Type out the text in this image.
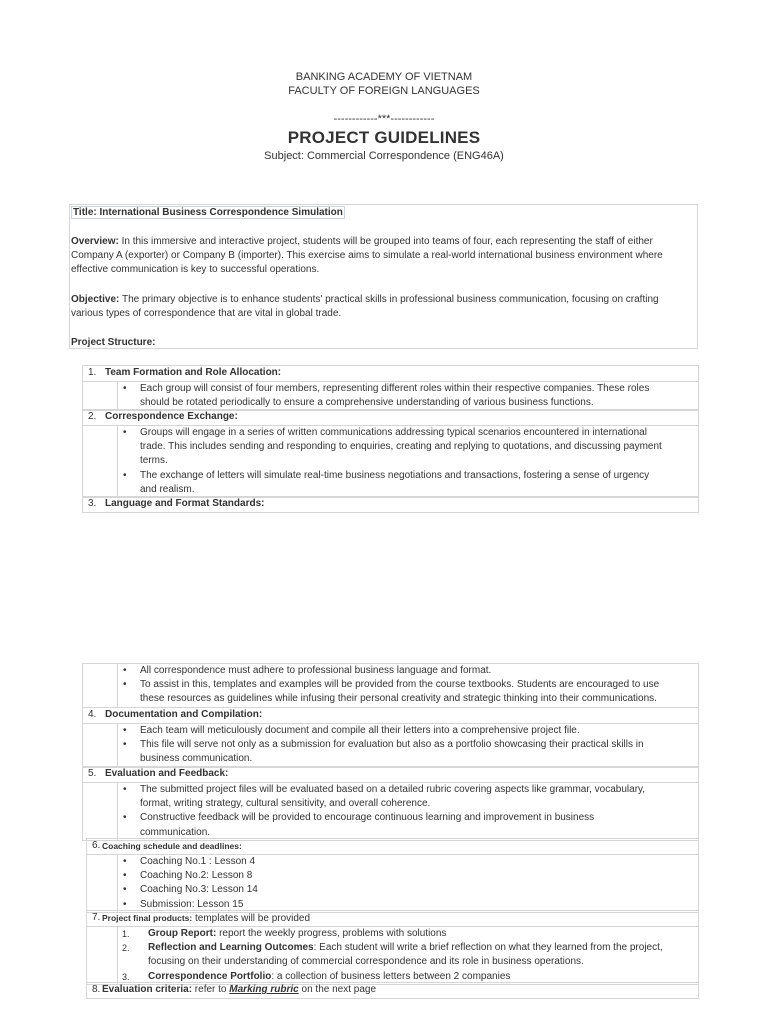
BANKING ACADEMY OF VIETNAM
FACULTY OF FOREIGN LANGUAGES
------------***------------
PROJECT GUIDELINES
Subject: Commercial Correspondence (ENG46A)
Title: International Business Correspondence Simulation
Overview: In this immersive and interactive project, students will be grouped into teams of four, each representing the staff of either
Company A (exporter) or Company B (importer). This exercise aims to simulate a real-world international business environment where
effective communication is key to successful operations.
Objective: The primary objective is to enhance students' practical skills in professional business communication, focusing on crafting
various types of correspondence that are vital in global trade.
Project Structure:
1. Team Formation and Role Allocation:
• Each group will consist of four members, representing different roles within their respective companies. These roles
should be rotated periodically to ensure a comprehensive understanding of various business functions.
2. Correspondence Exchange:
• Groups will engage in a series of written communications addressing typical scenarios encountered in international
trade. This includes sending and responding to enquiries, creating and replying to quotations, and discussing payment
terms.
• The exchange of letters will simulate real-time business negotiations and transactions, fostering a sense of urgency
and realism.
3. Language and Format Standards:
• All correspondence must adhere to professional business language and format.
• To assist in this, templates and examples will be provided from the course textbooks. Students are encouraged to use
these resources as guidelines while infusing their personal creativity and strategic thinking into their communications.
4. Documentation and Compilation:
• Each team will meticulously document and compile all their letters into a comprehensive project file.
• This file will serve not only as a submission for evaluation but also as a portfolio showcasing their practical skills in
business communication.
5. Evaluation and Feedback:
• The submitted project files will be evaluated based on a detailed rubric covering aspects like grammar, vocabulary,
format, writing strategy, cultural sensitivity, and overall coherence.
• Constructive feedback will be provided to encourage continuous learning and improvement in business
communication.
6. Coaching schedule and deadlines:
• Coaching No.1 : Lesson 4
• Coaching No.2: Lesson 8
• Coaching No.3: Lesson 14
• Submission: Lesson 15
7. Project final products: templates will be provided
1. Group Report: report the weekly progress, problems with solutions
2. Reflection and Learning Outcomes: Each student will write a brief reflection on what they learned from the project,
focusing on their understanding of commercial correspondence and its role in business operations.
3. Correspondence Portfolio: a collection of business letters between 2 companies
8. Evaluation criteria: refer to Marking rubric on the next page
